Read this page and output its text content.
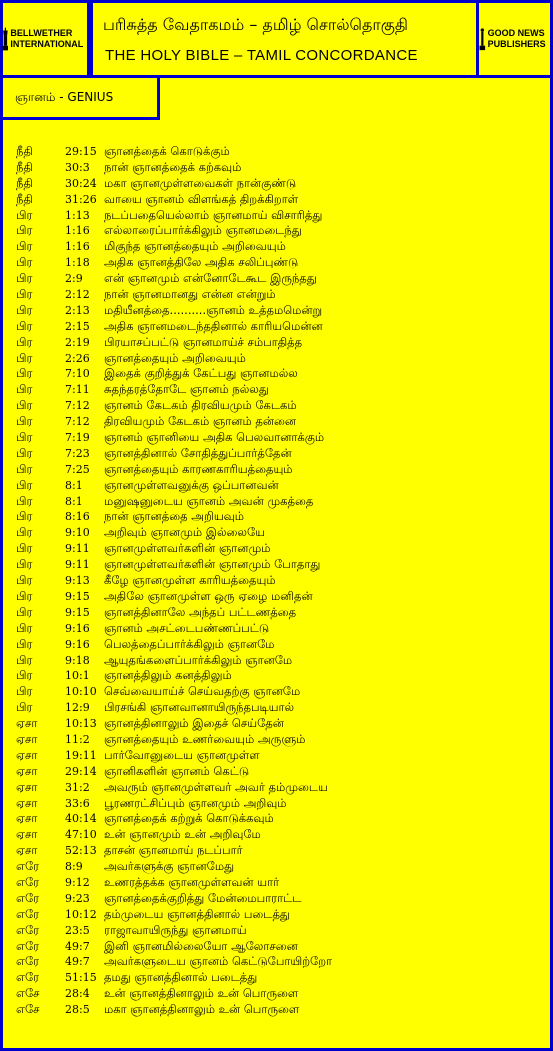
BELLWETHER INTERNATIONAL
பரிசுத்த வேதாகமம் – தமிழ் சொல்தொகுதி
THE HOLY BIBLE – TAMIL CONCORDANCE
GOOD NEWS PUBLISHERS
ஞானம் - GENIUS
நீதி	29:15 ஞானத்தைக் கொடுக்கும்
நீதி	30:3 நான் ஞானத்தைக் கற்கவும்
நீதி	30:24 மகா ஞானமுள்ளவைகள் நான்குண்டு
நீதி	31:26 வாயை ஞானம் விளங்கத் திறக்கிறாள்
பிர	1:13 நடப்பதையெல்லாம் ஞானமாய் விசாரித்து
பிர	1:16 எல்லாரைப்பார்க்கிலும் ஞானமடைந்து
பிர	1:16 மிகுந்த ஞானத்தையும் அறிவையும்
பிர	1:18 அதிக ஞானத்திலே அதிக சலிப்புண்டு
பிர	2:9 என் ஞானமும் என்னோடேகூட இருந்தது
பிர	2:12 நான் ஞானமானது என்ன என்றும்
பிர	2:13 மதியீனத்தை..........ஞானம் உத்தமமென்று
பிர	2:15 அதிக ஞானமடைந்ததினால் காரியமென்ன
பிர	2:19 பிரயாசப்பட்டு ஞானமாய்ச் சம்பாதித்த
பிர	2:26 ஞானத்தையும் அறிவையும்
பிர	7:10 இதைக் குறித்துக் கேட்பது ஞானமல்ல
பிர	7:11 சுதந்தரத்தோடே ஞானம் நல்லது
பிர	7:12 ஞானம் கேடகம் திரவியமும் கேடகம்
பிர	7:12 திரவியமும் கேடகம் ஞானம் தன்னை
பிர	7:19 ஞானம் ஞானியை அதிக பெலவானாக்கும்
பிர	7:23 ஞானத்தினால் சோதித்துப்பார்த்தேன்
பிர	7:25 ஞானத்தையும் காரணகாரியத்தையும்
பிர	8:1 ஞானமுள்ளவனுக்கு ஒப்பானவன்
பிர	8:1 மனுஷனுடைய ஞானம் அவன் முகத்தை
பிர	8:16 நான் ஞானத்தை அறியவும்
பிர	9:10 அறிவும் ஞானமும் இல்லையே
பிர	9:11 ஞானமுள்ளவர்களின் ஞானமும்
பிர	9:11 ஞானமுள்ளவர்களின் ஞானமும் போதாது
பிர	9:13 கீழே ஞானமுள்ள காரியத்தையும்
பிர	9:15 அதிலே ஞானமுள்ள ஒரு ஏழை மனிதன்
பிர	9:15 ஞானத்தினாலே அந்தப் பட்டணத்தை
பிர	9:16 ஞானம் அசட்டைபண்ணப்பட்டு
பிர	9:16 பெலத்தைப்பார்க்கிலும் ஞானமே
பிர	9:18 ஆயுதங்களைப்பார்க்கிலும் ஞானமே
பிர	10:1 ஞானத்திலும் கனத்திலும்
பிர	10:10 செவ்வையாய்ச் செய்வதற்கு ஞானமே
பிர	12:9 பிரசங்கி ஞானவானாயிருந்தபடியால்
ஏசா	10:13 ஞானத்தினாலும் இதைச் செய்தேன்
ஏசா	11:2 ஞானத்தையும் உணர்வையும் அருளும்
ஏசா	19:11 பார்வோனுடைய ஞானமுள்ள
ஏசா	29:14 ஞானிகளின் ஞானம் கெட்டு
ஏசா	31:2 அவரும் ஞானமுள்ளவர் அவர் தம்முடைய
ஏசா	33:6 பூரணரட்சிப்பும் ஞானமும் அறிவும்
ஏசா	40:14 ஞானத்தைக் கற்றுக் கொடுக்கவும்
ஏசா	47:10 உன் ஞானமும் உன் அறிவுமே
ஏசா	52:13 தாசன் ஞானமாய் நடப்பார்
எரே 8:9 அவர்களுக்கு ஞானமேது
எரே 9:12 உணரத்தக்க ஞானமுள்ளவன் யார்
எரே 9:23 ஞானத்தைக்குறித்து மேன்மைபாராட்ட
எரே 10:12 தம்முடைய ஞானத்தினால் படைத்து
எரே 23:5 ராஜாவாயிருந்து ஞானமாய்
எரே 49:7 இனி ஞானமில்லையோ ஆலோசனை
எரே 49:7 அவர்களுடைய ஞானம் கெட்டுபோயிற்றோ
எரே 51:15 தமது ஞானத்தினால் படைத்து
எசே 28:4 உன் ஞானத்தினாலும் உன் பொருளை
எசே 28:5 மகா ஞானத்தினாலும் உன் பொருளை
